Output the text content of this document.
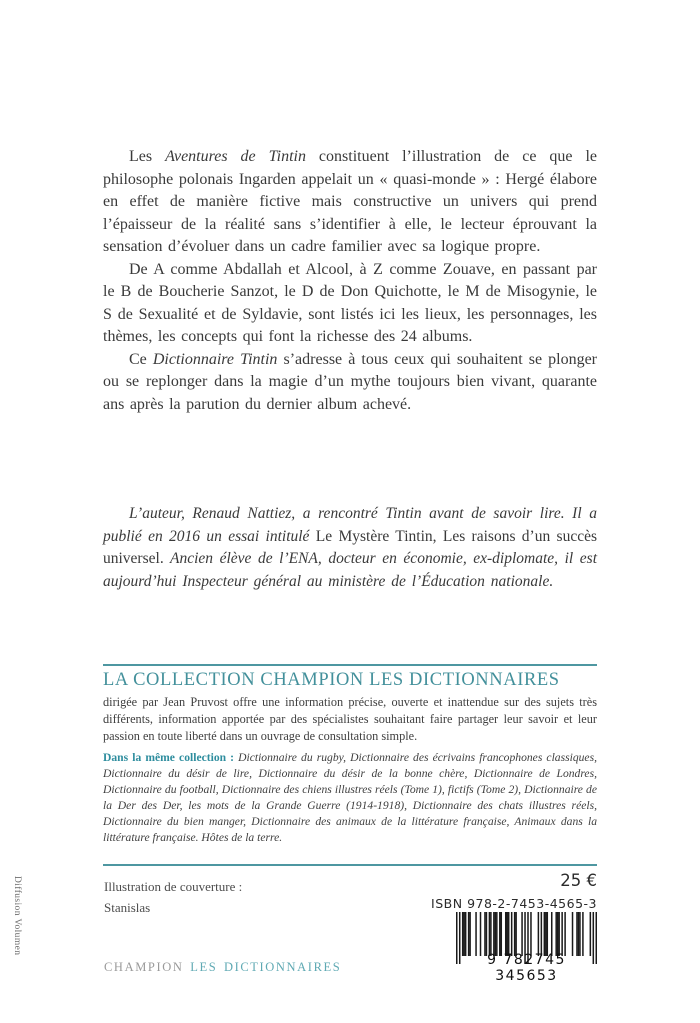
Les Aventures de Tintin constituent l’illustration de ce que le philosophe polonais Ingarden appelait un « quasi-monde » : Hergé élabore en effet de manière fictive mais constructive un univers qui prend l’épaisseur de la réalité sans s’identifier à elle, le lecteur éprouvant la sensation d’évoluer dans un cadre familier avec sa logique propre.

De A comme Abdallah et Alcool, à Z comme Zouave, en passant par le B de Boucherie Sanzot, le D de Don Quichotte, le M de Misogynie, le S de Sexualité et de Syldavie, sont listés ici les lieux, les personnages, les thèmes, les concepts qui font la richesse des 24 albums.

Ce Dictionnaire Tintin s’adresse à tous ceux qui souhaitent se plonger ou se replonger dans la magie d’un mythe toujours bien vivant, quarante ans après la parution du dernier album achevé.

L’auteur, Renaud Nattiez, a rencontré Tintin avant de savoir lire. Il a publié en 2016 un essai intitulé Le Mystère Tintin, Les raisons d’un succès universel. Ancien élève de l’ENA, docteur en économie, ex-diplomate, il est aujourd’hui Inspecteur général au ministère de l’Éducation nationale.

LA COLLECTION CHAMPION LES DICTIONNAIRES

dirigée par Jean Pruvost offre une information précise, ouverte et inattendue sur des sujets très différents, information apportée par des spécialistes souhaitant faire partager leur savoir et leur passion en toute liberté dans un ouvrage de consultation simple.

Dans la même collection : Dictionnaire du rugby, Dictionnaire des écrivains francophones classiques, Dictionnaire du désir de lire, Dictionnaire du désir de la bonne chère, Dictionnaire de Londres, Dictionnaire du football, Dictionnaire des chiens illustres réels (Tome 1), fictifs (Tome 2), Dictionnaire de la Der des Der, les mots de la Grande Guerre (1914-1918), Dictionnaire des chats illustres réels, Dictionnaire du bien manger, Dictionnaire des animaux de la littérature française, Animaux dans la littérature française. Hôtes de la terre.

Illustration de couverture :
Stanislas
25 €
ISBN 978-2-7453-4565-3
9 782745 345653
CHAMPION LES DICTIONNAIRES
Diffusion Volumen
